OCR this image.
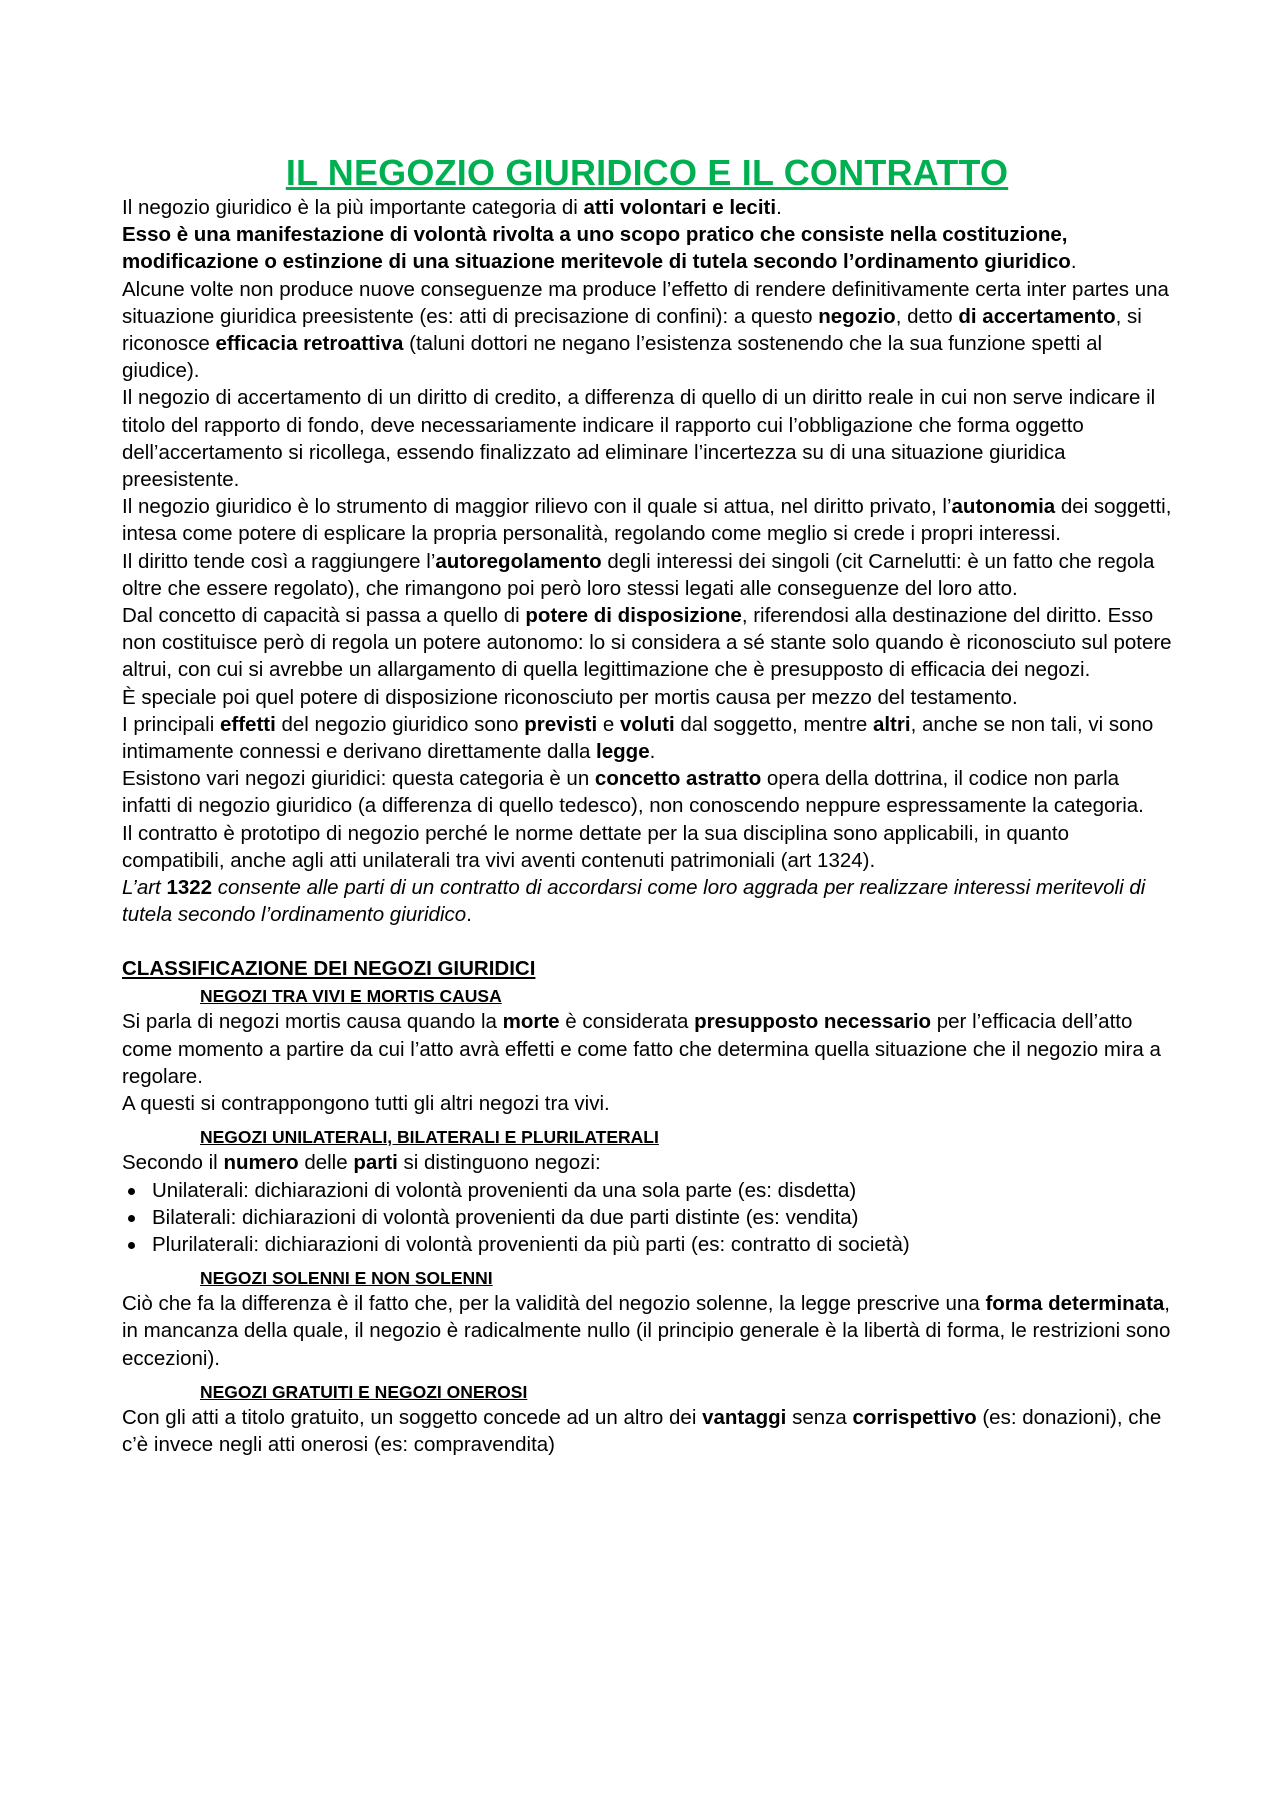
IL NEGOZIO GIURIDICO E IL CONTRATTO

Il negozio giuridico è la più importante categoria di atti volontari e leciti.

Esso è una manifestazione di volontà rivolta a uno scopo pratico che consiste nella costituzione, modificazione o estinzione di una situazione meritevole di tutela secondo l’ordinamento giuridico.

Alcune volte non produce nuove conseguenze ma produce l’effetto di rendere definitivamente certa inter partes una situazione giuridica preesistente (es: atti di precisazione di confini): a questo negozio, detto di accertamento, si riconosce efficacia retroattiva (taluni dottori ne negano l’esistenza sostenendo che la sua funzione spetti al giudice).

Il negozio di accertamento di un diritto di credito, a differenza di quello di un diritto reale in cui non serve indicare il titolo del rapporto di fondo, deve necessariamente indicare il rapporto cui l’obbligazione che forma oggetto dell’accertamento si ricollega, essendo finalizzato ad eliminare l’incertezza su di una situazione giuridica preesistente.

Il negozio giuridico è lo strumento di maggior rilievo con il quale si attua, nel diritto privato, l’autonomia dei soggetti, intesa come potere di esplicare la propria personalità, regolando come meglio si crede i propri interessi.

Il diritto tende così a raggiungere l’autoregolamento degli interessi dei singoli (cit Carnelutti: è un fatto che regola oltre che essere regolato), che rimangono poi però loro stessi legati alle conseguenze del loro atto.

Dal concetto di capacità si passa a quello di potere di disposizione, riferendosi alla destinazione del diritto. Esso non costituisce però di regola un potere autonomo: lo si considera a sé stante solo quando è riconosciuto sul potere altrui, con cui si avrebbe un allargamento di quella legittimazione che è presupposto di efficacia dei negozi.

È speciale poi quel potere di disposizione riconosciuto per mortis causa per mezzo del testamento.

I principali effetti del negozio giuridico sono previsti e voluti dal soggetto, mentre altri, anche se non tali, vi sono intimamente connessi e derivano direttamente dalla legge.

Esistono vari negozi giuridici: questa categoria è un concetto astratto opera della dottrina, il codice non parla infatti di negozio giuridico (a differenza di quello tedesco), non conoscendo neppure espressamente la categoria.

Il contratto è prototipo di negozio perché le norme dettate per la sua disciplina sono applicabili, in quanto compatibili, anche agli atti unilaterali tra vivi aventi contenuti patrimoniali (art 1324).

L’art 1322 consente alle parti di un contratto di accordarsi come loro aggrada per realizzare interessi meritevoli di tutela secondo l’ordinamento giuridico.

CLASSIFICAZIONE DEI NEGOZI GIURIDICI
NEGOZI TRA VIVI E MORTIS CAUSA

Si parla di negozi mortis causa quando la morte è considerata presupposto necessario per l’efficacia dell’atto come momento a partire da cui l’atto avrà effetti e come fatto che determina quella situazione che il negozio mira a regolare.

A questi si contrappongono tutti gli altri negozi tra vivi.

NEGOZI UNILATERALI, BILATERALI E PLURILATERALI

Secondo il numero delle parti si distinguono negozi:

Unilaterali: dichiarazioni di volontà provenienti da una sola parte (es: disdetta)
Bilaterali: dichiarazioni di volontà provenienti da due parti distinte (es: vendita)
Plurilaterali: dichiarazioni di volontà provenienti da più parti (es: contratto di società)
NEGOZI SOLENNI E NON SOLENNI

Ciò che fa la differenza è il fatto che, per la validità del negozio solenne, la legge prescrive una forma determinata, in mancanza della quale, il negozio è radicalmente nullo (il principio generale è la libertà di forma, le restrizioni sono eccezioni).

NEGOZI GRATUITI E NEGOZI ONEROSI

Con gli atti a titolo gratuito, un soggetto concede ad un altro dei vantaggi senza corrispettivo (es: donazioni), che c’è invece negli atti onerosi (es: compravendita)
